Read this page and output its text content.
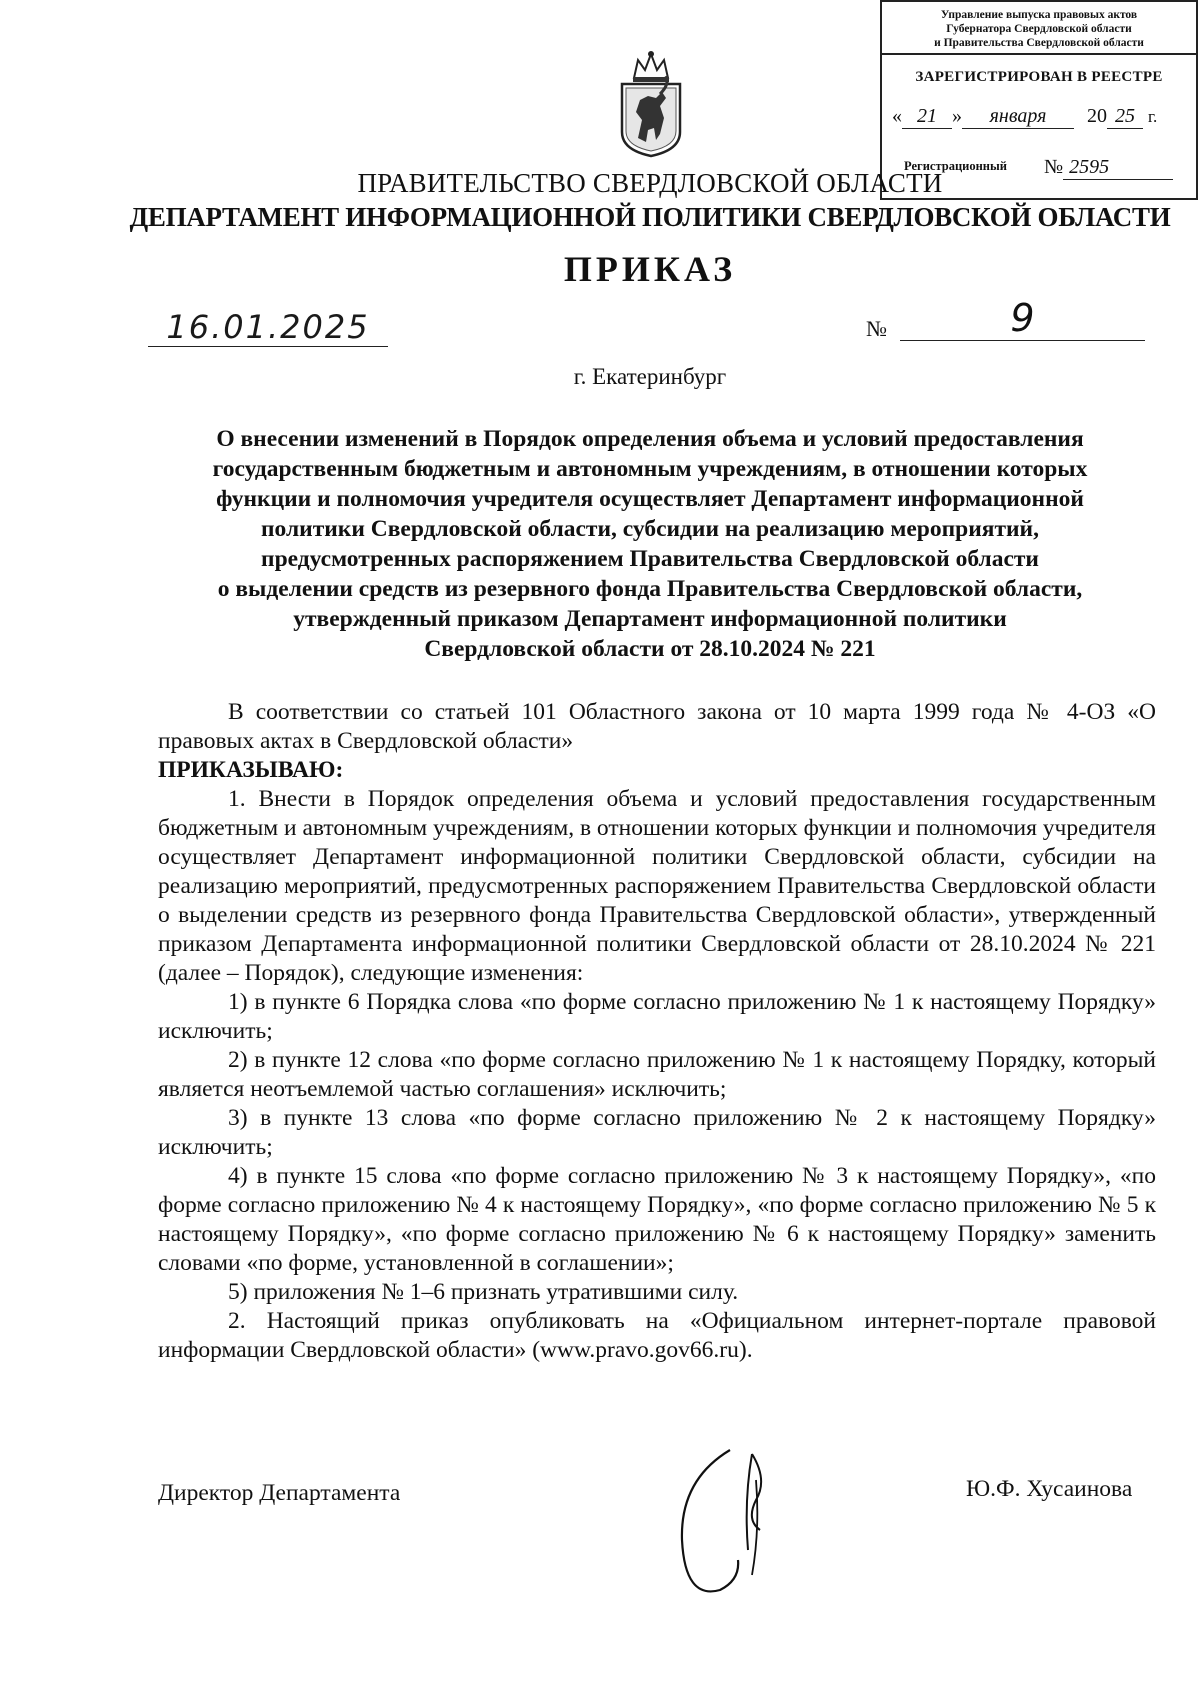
Управление выпуска правовых актов
Губернатора Свердловской области
и Правительства Свердловской области
ЗАРЕГИСТРИРОВАН В РЕЕСТРЕ
« 21 » января 20 25 г.
Регистрационный № 2595
ПРАВИТЕЛЬСТВО СВЕРДЛОВСКОЙ ОБЛАСТИ
ДЕПАРТАМЕНТ ИНФОРМАЦИОННОЙ ПОЛИТИКИ СВЕРДЛОВСКОЙ ОБЛАСТИ
ПРИКАЗ
16.01.2025	№	9
г. Екатеринбург
О внесении изменений в Порядок определения объема и условий предоставления
государственным бюджетным и автономным учреждениям, в отношении которых
функции и полномочия учредителя осуществляет Департамент информационной
политики Свердловской области, субсидии на реализацию мероприятий,
предусмотренных распоряжением Правительства Свердловской области
о выделении средств из резервного фонда Правительства Свердловской области,
утвержденный приказом Департамент информационной политики
Свердловской области от 28.10.2024 № 221

В соответствии со статьей 101 Областного закона от 10 марта 1999 года № 4-ОЗ «О правовых актах в Свердловской области»

ПРИКАЗЫВАЮ:

1. Внести в Порядок определения объема и условий предоставления государственным бюджетным и автономным учреждениям, в отношении которых функции и полномочия учредителя осуществляет Департамент информационной политики Свердловской области, субсидии на реализацию мероприятий, предусмотренных распоряжением Правительства Свердловской области о выделении средств из резервного фонда Правительства Свердловской области», утвержденный приказом Департамента информационной политики Свердловской области от 28.10.2024 № 221 (далее – Порядок), следующие изменения:

1) в пункте 6 Порядка слова «по форме согласно приложению № 1 к настоящему Порядку» исключить;

2) в пункте 12 слова «по форме согласно приложению № 1 к настоящему Порядку, который является неотъемлемой частью соглашения» исключить;

3) в пункте 13 слова «по форме согласно приложению № 2 к настоящему Порядку» исключить;

4) в пункте 15 слова «по форме согласно приложению № 3 к настоящему Порядку», «по форме согласно приложению № 4 к настоящему Порядку», «по форме согласно приложению № 5 к настоящему Порядку», «по форме согласно приложению № 6 к настоящему Порядку» заменить словами «по форме, установленной в соглашении»;

5) приложения № 1–6 признать утратившими силу.

2. Настоящий приказ опубликовать на «Официальном интернет-портале правовой информации Свердловской области» (www.pravo.gov66.ru).

Директор Департамента	Ю.Ф. Хусаинова
